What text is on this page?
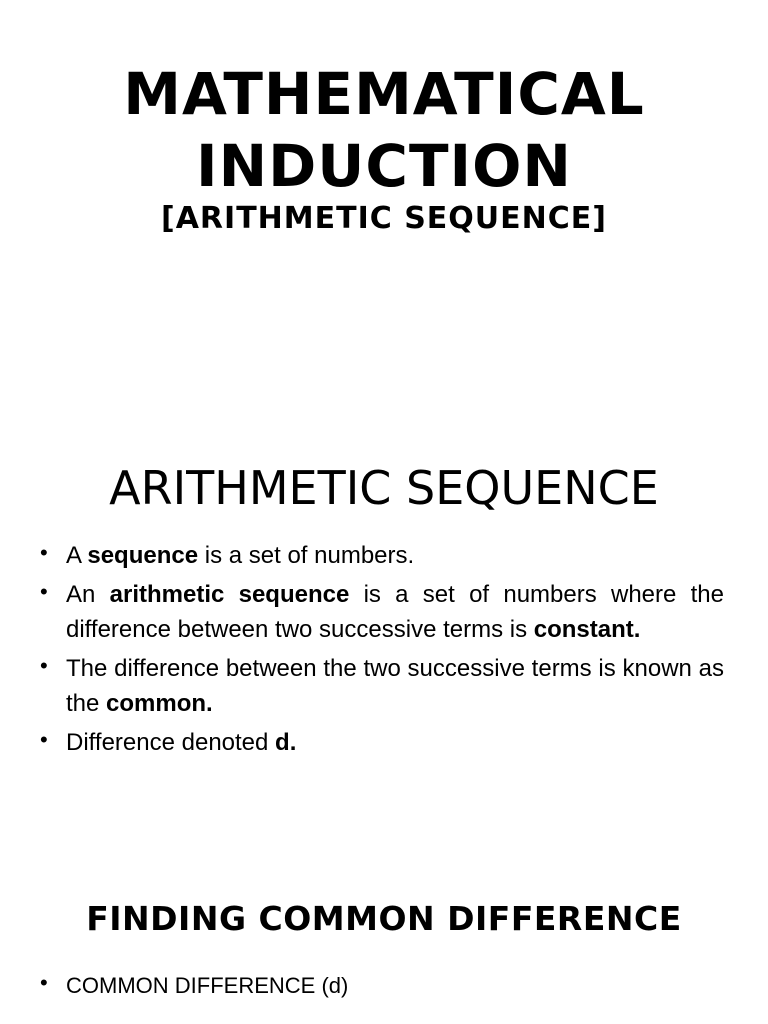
MATHEMATICAL
INDUCTION
[ARITHMETIC SEQUENCE]
ARITHMETIC SEQUENCE
• A sequence is a set of numbers.
• An arithmetic sequence is a set of numbers where the difference between two successive terms is constant.
• The difference between the two successive terms is known as the common.
• Difference denoted d.
FINDING COMMON DIFFERENCE
• COMMON DIFFERENCE (d)
